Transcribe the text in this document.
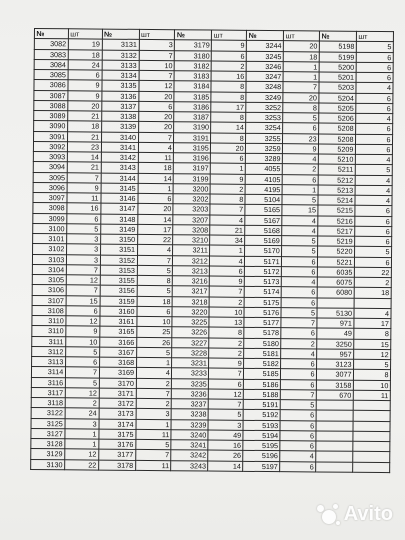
№	шт	№	шт	№	шт	№	шт	№	шт
3082	19	3131	3	3179	9	3244	20	5198	5
3083	18	3132	7	3180	6	3245	18	5199	6
3084	24	3133	10	3182	2	3246	1	5200	6
3085	6	3134	7	3183	16	3247	1	5201	6
3086	9	3135	12	3184	8	3248	7	5203	4
3087	9	3136	20	3185	8	3249	20	5204	6
3088	20	3137	6	3186	17	3252	8	5205	6
3089	21	3138	20	3187	8	3253	5	5206	4
3090	18	3139	20	3190	14	3254	6	5208	6
3091	21	3140	7	3191	8	3255	23	5208	6
3092	23	3141	4	3195	20	3259	9	5209	6
3093	14	3142	11	3196	6	3289	4	5210	4
3094	21	3143	18	3197	1	4055	2	5211	5
3095	7	3144	14	3199	9	4105	6	5212	4
3096	9	3145	1	3200	2	4195	1	5213	4
3097	11	3146	6	3202	8	5104	5	5214	4
3098	16	3147	20	3203	7	5165	15	5215	6
3099	6	3148	14	3207	4	5167	4	5216	6
3100	5	3149	17	3208	21	5168	4	5217	6
3101	3	3150	22	3210	34	5169	5	5219	6
3102	3	3151	4	3211	1	5170	5	5220	5
3103	3	3152	7	3212	4	5171	6	5221	6
3104	7	3153	5	3213	6	5172	6	6035	22
3105	12	3155	8	3216	9	5173	4	6075	2
3106	7	3156	5	3217	7	5174	6	6080	18
3107	15	3159	18	3218	2	5175	6		
3108	6	3160	6	3220	10	5176	5	5130	4
3110	12	3161	10	3225	13	5177	7	971	17
3110	9	3165	25	3226	8	5178	6	49	8
3111	10	3166	26	3227	2	5180	2	3250	15
3112	5	3167	5	3228	2	5181	4	957	12
3113	6	3168	1	3231	9	5182	6	3123	5
3114	7	3169	4	3233	7	5185	6	3077	8
3116	5	3170	2	3235	6	5186	6	3158	10
3117	12	3171	7	3236	12	5188	7	670	11
3118	2	3172	2	3237	7	5191	5		
3122	24	3173	3	3238	5	5192	6		
3125	3	3174	1	3239	3	5193	6		
3127	1	3175	11	3240	49	5194	6		
3128	1	3176	5	3241	16	5195	6		
3129	12	3177	7	3242	26	5196	4		
3130	22	3178	11	3243	14	5197	6		
Avito
